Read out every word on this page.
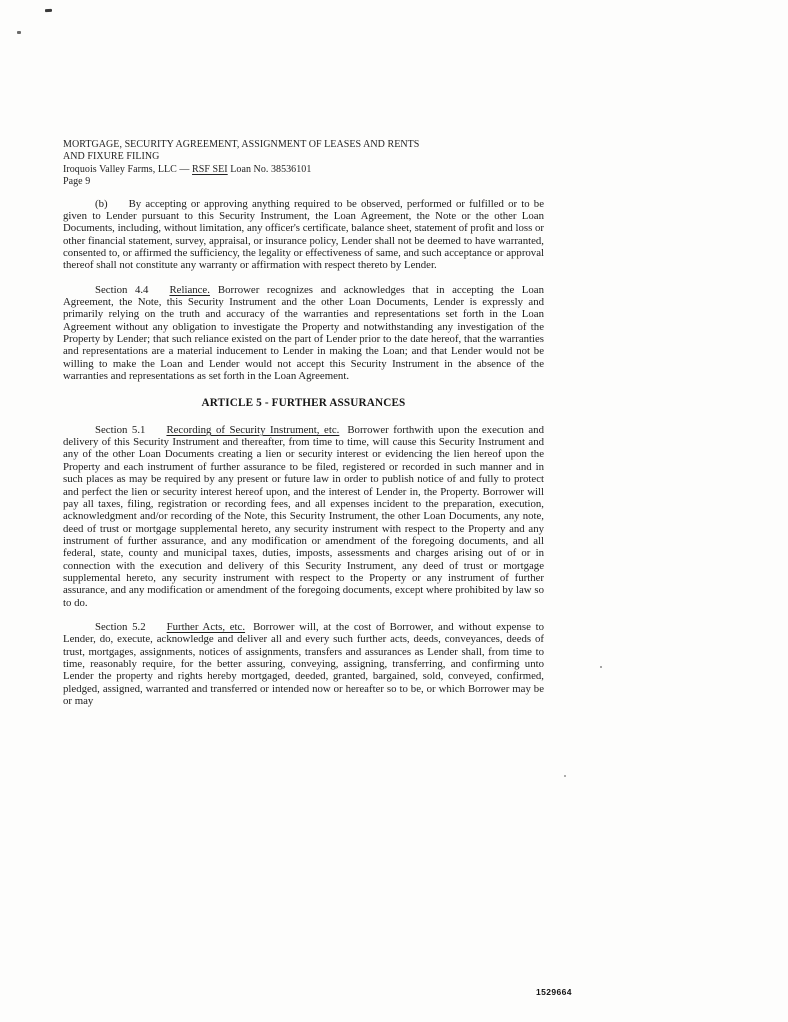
MORTGAGE, SECURITY AGREEMENT, ASSIGNMENT OF LEASES AND RENTS
AND FIXURE FILING
Iroquois Valley Farms, LLC — RSF SEI Loan No. 38536101
Page 9

(b) By accepting or approving anything required to be observed, performed or fulfilled or to be given to Lender pursuant to this Security Instrument, the Loan Agreement, the Note or the other Loan Documents, including, without limitation, any officer's certificate, balance sheet, statement of profit and loss or other financial statement, survey, appraisal, or insurance policy, Lender shall not be deemed to have warranted, consented to, or affirmed the sufficiency, the legality or effectiveness of same, and such acceptance or approval thereof shall not constitute any warranty or affirmation with respect thereto by Lender.

Section 4.4 Reliance. Borrower recognizes and acknowledges that in accepting the Loan Agreement, the Note, this Security Instrument and the other Loan Documents, Lender is expressly and primarily relying on the truth and accuracy of the warranties and representations set forth in the Loan Agreement without any obligation to investigate the Property and notwithstanding any investigation of the Property by Lender; that such reliance existed on the part of Lender prior to the date hereof, that the warranties and representations are a material inducement to Lender in making the Loan; and that Lender would not be willing to make the Loan and Lender would not accept this Security Instrument in the absence of the warranties and representations as set forth in the Loan Agreement.

ARTICLE 5 - FURTHER ASSURANCES

Section 5.1 Recording of Security Instrument, etc. Borrower forthwith upon the execution and delivery of this Security Instrument and thereafter, from time to time, will cause this Security Instrument and any of the other Loan Documents creating a lien or security interest or evidencing the lien hereof upon the Property and each instrument of further assurance to be filed, registered or recorded in such manner and in such places as may be required by any present or future law in order to publish notice of and fully to protect and perfect the lien or security interest hereof upon, and the interest of Lender in, the Property. Borrower will pay all taxes, filing, registration or recording fees, and all expenses incident to the preparation, execution, acknowledgment and/or recording of the Note, this Security Instrument, the other Loan Documents, any note, deed of trust or mortgage supplemental hereto, any security instrument with respect to the Property and any instrument of further assurance, and any modification or amendment of the foregoing documents, and all federal, state, county and municipal taxes, duties, imposts, assessments and charges arising out of or in connection with the execution and delivery of this Security Instrument, any deed of trust or mortgage supplemental hereto, any security instrument with respect to the Property or any instrument of further assurance, and any modification or amendment of the foregoing documents, except where prohibited by law so to do.

Section 5.2 Further Acts, etc. Borrower will, at the cost of Borrower, and without expense to Lender, do, execute, acknowledge and deliver all and every such further acts, deeds, conveyances, deeds of trust, mortgages, assignments, notices of assignments, transfers and assurances as Lender shall, from time to time, reasonably require, for the better assuring, conveying, assigning, transferring, and confirming unto Lender the property and rights hereby mortgaged, deeded, granted, bargained, sold, conveyed, confirmed, pledged, assigned, warranted and transferred or intended now or hereafter so to be, or which Borrower may be or may

1529664
